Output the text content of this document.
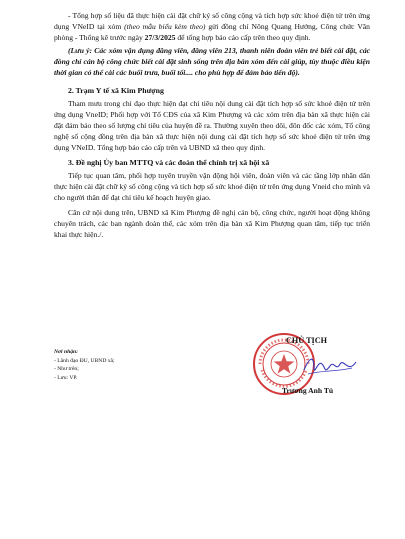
- Tổng hợp số liệu đã thực hiện cài đặt chữ ký số công cộng và tích hợp sức khoẻ điện tử trên ứng dụng VNeID tại xóm (theo mẫu biểu kèm theo) gửi đồng chí Nông Quang Hưởng, Công chức Văn phòng - Thống kê trước ngày 27/3/2025 để tổng hợp báo cáo cấp trên theo quy định.

(Lưu ý: Các xóm vận dụng đăng viên, đăng viên 213, thanh niên đoàn viên trẻ biết cài đặt, các đồng chí cán bộ công chức biết cài đặt sinh sống trên địa bàn xóm đến cài giúp, tùy thuộc điều kiện thời gian có thể cài các buổi trưa, buổi tối.... cho phù hợp để đảm bảo tiến độ).

2. Trạm Y tế xã Kim Phượng

Tham mưu trong chỉ đạo thực hiện đạt chỉ tiêu nội dung cài đặt tích hợp số sức khoẻ điện tử trên ứng dụng VneID; Phối hợp với Tổ CĐS của xã Kim Phượng và các xóm trên địa bàn xã thực hiện cài đặt đảm bảo theo số lượng chỉ tiêu của huyện đề ra. Thường xuyên theo dõi, đôn đốc các xóm, Tổ công nghệ số cộng đồng trên địa bàn xã thực hiện nội dung cài đặt tích hợp số sức khoẻ điện tử trên ứng dụng VNeID. Tổng hợp báo cáo cấp trên và UBND xã theo quy định.

3. Đề nghị Ủy ban MTTQ và các đoàn thể chính trị xã hội xã

Tiếp tục quan tâm, phối hợp tuyên truyền vận động hội viên, đoàn viên và các tầng lớp nhân dân thực hiện cài đặt chữ ký số công cộng và tích hợp số sức khoẻ điện tử trên ứng dụng Vneid cho mình và cho người thân để đạt chỉ tiêu kế hoạch huyện giao.

Căn cứ nội dung trên, UBND xã Kim Phượng đề nghị cán bộ, công chức, người hoạt động không chuyên trách, các ban ngành đoàn thể, các xóm trên địa bàn xã Kim Phượng quan tâm, tiếp tục triển khai thực hiện./.

Nơi nhận:
- Lãnh đạo ĐU, UBND xã;
- Như trên;
- Lưu: VP.
CHỦ TỊCH
Trương Anh Tú
